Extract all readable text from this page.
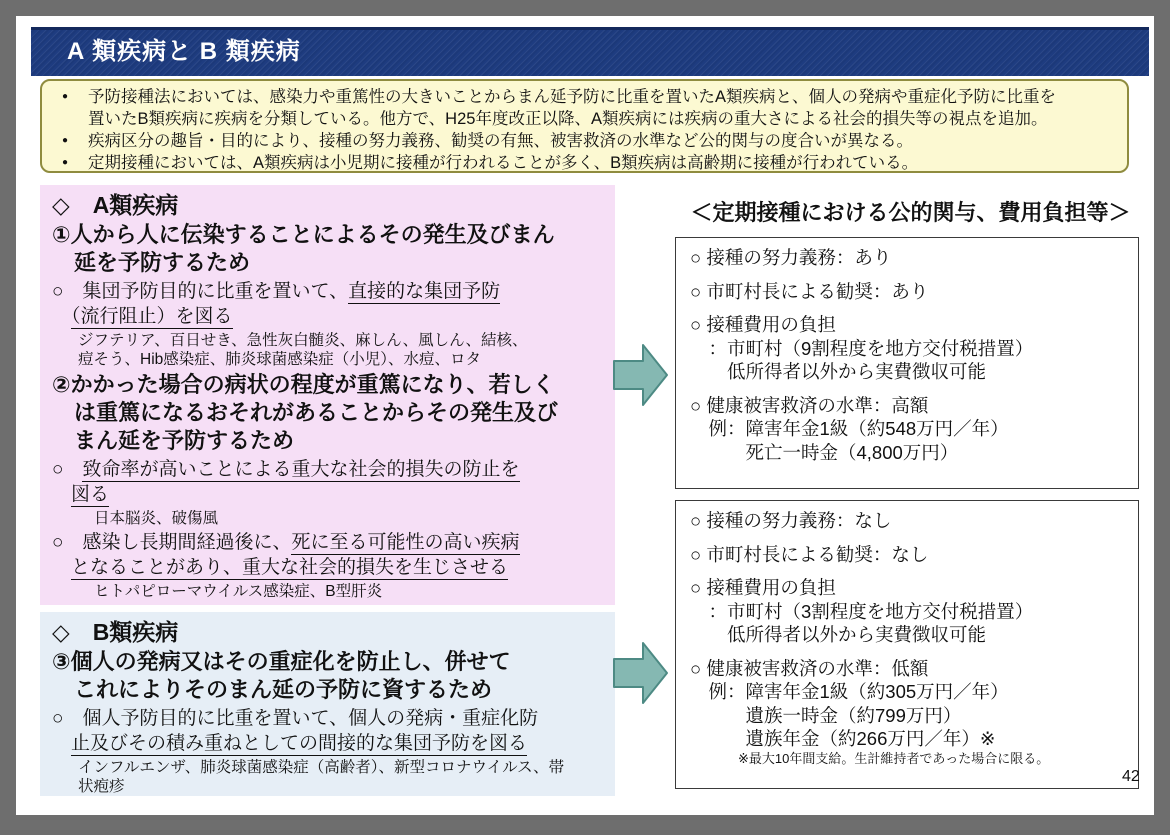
A 類疾病と B 類疾病
● 予防接種法においては、感染力や重篤性の大きいことからまん延予防に比重を置いたA類疾病と、個人の発病や重症化予防に比重を
置いたB類疾病に疾病を分類している。他方で、H25年度改正以降、A類疾病には疾病の重大さによる社会的損失等の視点を追加。
● 疾病区分の趣旨・目的により、接種の努力義務、勧奨の有無、被害救済の水準など公的関与の度合いが異なる。
● 定期接種においては、A類疾病は小児期に接種が行われることが多く、B類疾病は高齢期に接種が行われている。
◇　A類疾病
①人から人に伝染することによるその発生及びまん
　延を予防するため
○　集団予防目的に比重を置いて、直接的な集団予防
　（流行阻止）を図る
ジフテリア、百日せき、急性灰白髄炎、麻しん、風しん、結核、
痘そう、Hib感染症、肺炎球菌感染症（小児）、水痘、ロタ
②かかった場合の病状の程度が重篤になり、若しく
　は重篤になるおそれがあることからその発生及び
　まん延を予防するため
○　致命率が高いことによる重大な社会的損失の防止を
　図る
日本脳炎、破傷風
○　感染し長期間経過後に、死に至る可能性の高い疾病
　となることがあり、重大な社会的損失を生じさせる
ヒトパピローマウイルス感染症、B型肝炎
◇　B類疾病
③個人の発病又はその重症化を防止し、併せて
　これによりそのまん延の予防に資するため
○　個人予防目的に比重を置いて、個人の発病・重症化防
　止及びその積み重ねとしての間接的な集団予防を図る
インフルエンザ、肺炎球菌感染症（高齢者）、新型コロナウイルス、帯
状疱疹
＜定期接種における公的関与、費用負担等＞
○ 接種の努力義務：あり
○ 市町村長による勧奨：あり
○ 接種費用の負担
　：市町村（9割程度を地方交付税措置）
　　低所得者以外から実費徴収可能
○ 健康被害救済の水準：高額
　例：障害年金1級（約548万円／年）
　　　死亡一時金（4,800万円）
○ 接種の努力義務：なし
○ 市町村長による勧奨：なし
○ 接種費用の負担
　：市町村（3割程度を地方交付税措置）
　　低所得者以外から実費徴収可能
○ 健康被害救済の水準：低額
　例：障害年金1級（約305万円／年）
　　　遺族一時金（約799万円）
　　　遺族年金（約266万円／年）※
※最大10年間支給。生計維持者であった場合に限る。
42
